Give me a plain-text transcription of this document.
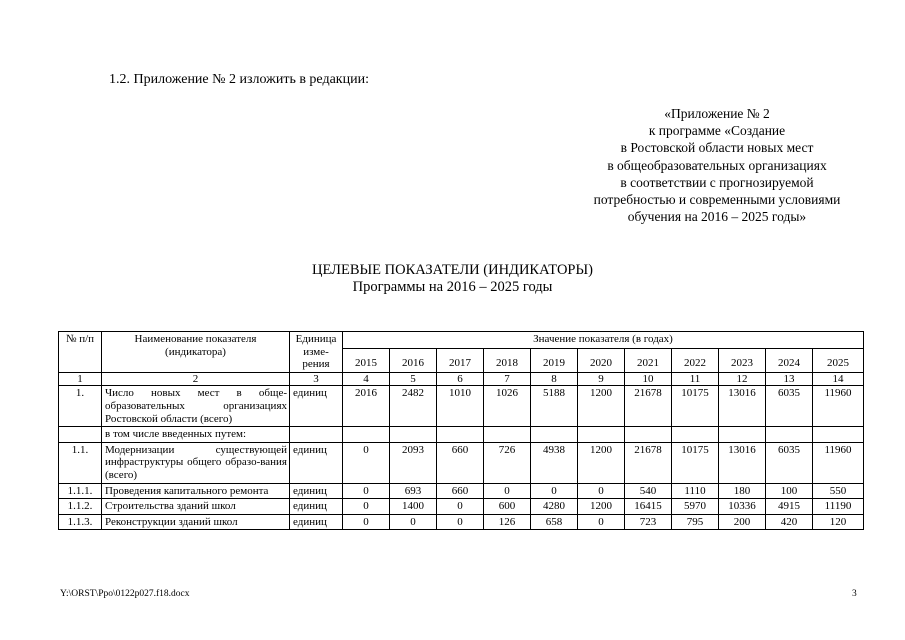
1.2. Приложение № 2 изложить в редакции:
«Приложение № 2
к программе «Создание
в Ростовской области новых мест
в общеобразовательных организациях
в соответствии с прогнозируемой
потребностью и современными условиями
обучения на 2016 – 2025 годы»
ЦЕЛЕВЫЕ ПОКАЗАТЕЛИ (ИНДИКАТОРЫ)
Программы на 2016 – 2025 годы
№ п/п	Наименование показателя (индикатора)	Единица изме- рения	Значение показателя (в годах)										
			2015	2016	2017	2018	2019	2020	2021	2022	2023	2024	2025
1	2	3	4	5	6	7	8	9	10	11	12	13	14
1.	Число новых мест в обще-образовательных организациях Ростовской области (всего)	единиц	2016	2482	1010	1026	5188	1200	21678	10175	13016	6035	11960
	в том числе введенных путем:												
1.1.	Модернизации существующей инфраструктуры общего образо-вания (всего)	единиц	0	2093	660	726	4938	1200	21678	10175	13016	6035	11960
1.1.1.	Проведения капитального ремонта	единиц	0	693	660	0	0	0	540	1110	180	100	550
1.1.2.	Строительства зданий школ	единиц	0	1400	0	600	4280	1200	16415	5970	10336	4915	11190
1.1.3.	Реконструкции зданий школ	единиц	0	0	0	126	658	0	723	795	200	420	120
Y:\ORST\Ppo\0122p027.f18.docx	3
